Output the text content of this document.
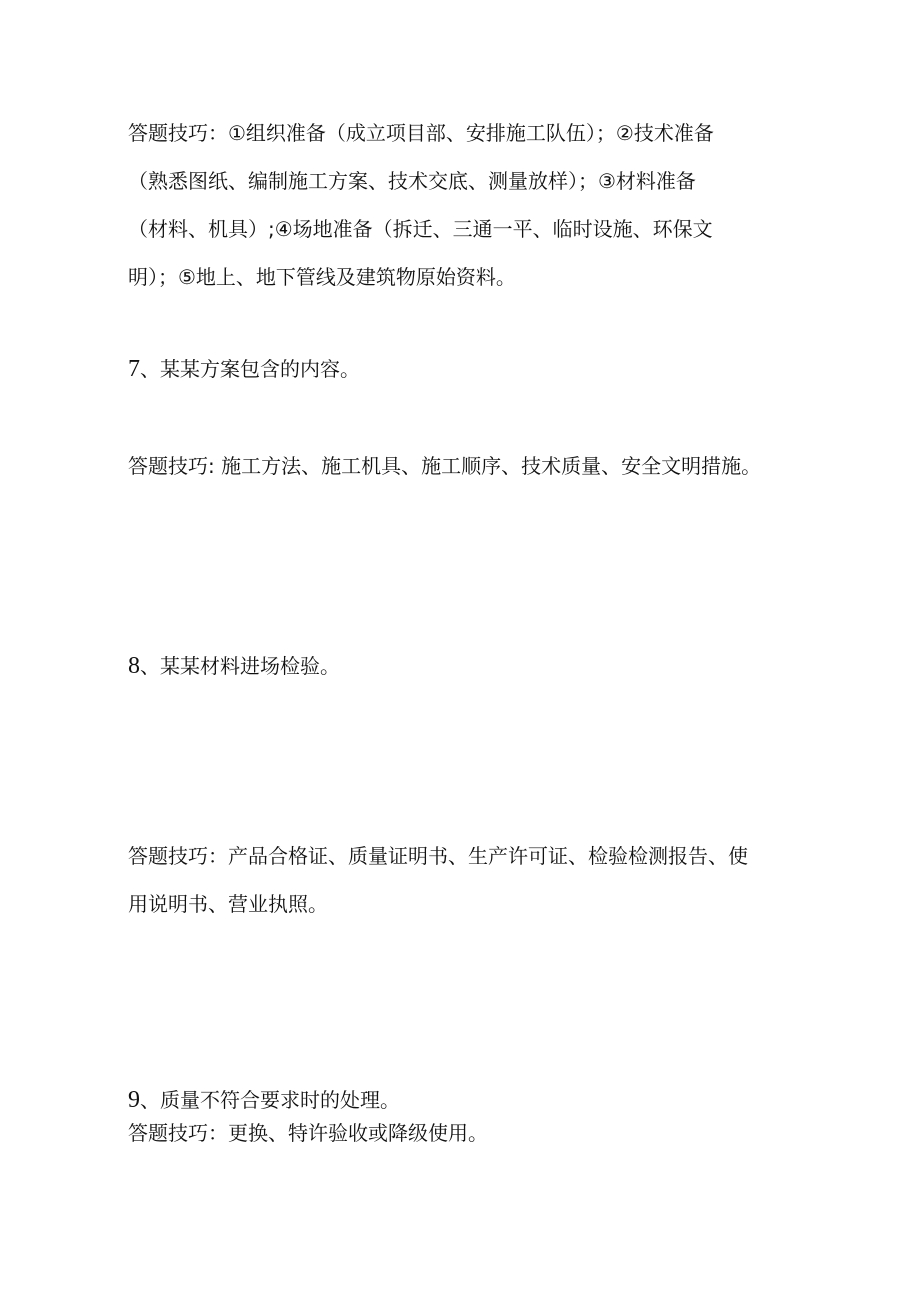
答题技巧：①组织准备（成立项目部、安排施工队伍）；②技术准备
（熟悉图纸、编制施工方案、技术交底、测量放样）；③材料准备
（材料、机具）;④场地准备（拆迁、三通一平、临时设施、环保文
明）；⑤地上、地下管线及建筑物原始资料。
7、某某方案包含的内容。
答题技巧: 施工方法、施工机具、施工顺序、技术质量、安全文明措施。
8、某某材料进场检验。
答题技巧：产品合格证、质量证明书、生产许可证、检验检测报告、使
用说明书、营业执照。
9、质量不符合要求时的处理。
答题技巧：更换、特许验收或降级使用。
